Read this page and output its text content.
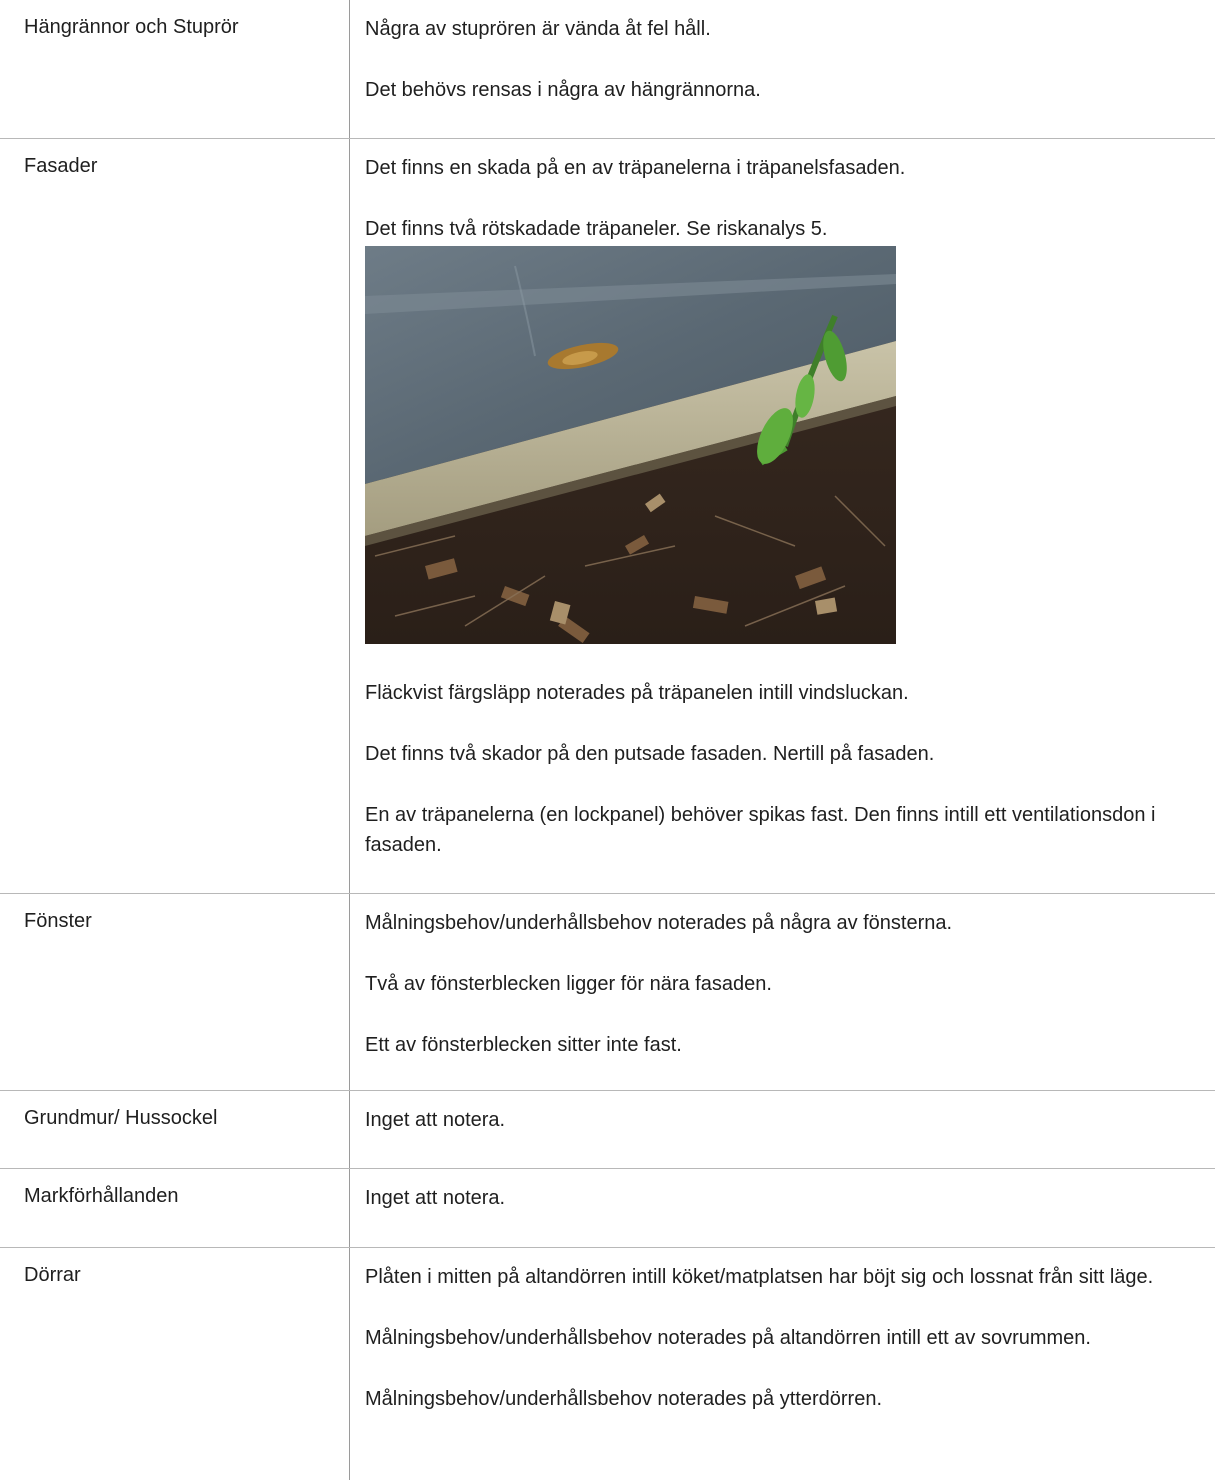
Hängrännor och Stuprör	Några av stuprören är vända åt fel håll.

Det behövs rensas i några av hängrännorna.

Fasader	Det finns en skada på en av träpanelerna i träpanelsfasaden.

Det finns två rötskadade träpaneler. Se riskanalys 5.

Fläckvist färgsläpp noterades på träpanelen intill vindsluckan.

Det finns två skador på den putsade fasaden. Nertill på fasaden.

En av träpanelerna (en lockpanel) behöver spikas fast. Den finns intill ett ventilationsdon i fasaden.

Fönster	Målningsbehov/underhållsbehov noterades på några av fönsterna.

Två av fönsterblecken ligger för nära fasaden.

Ett av fönsterblecken sitter inte fast.

Grundmur/ Hussockel	Inget att notera.

Markförhållanden	Inget att notera.

Dörrar	Plåten i mitten på altandörren intill köket/matplatsen har böjt sig och lossnat från sitt läge.

Målningsbehov/underhållsbehov noterades på altandörren intill ett av sovrummen.

Målningsbehov/underhållsbehov noterades på ytterdörren.
